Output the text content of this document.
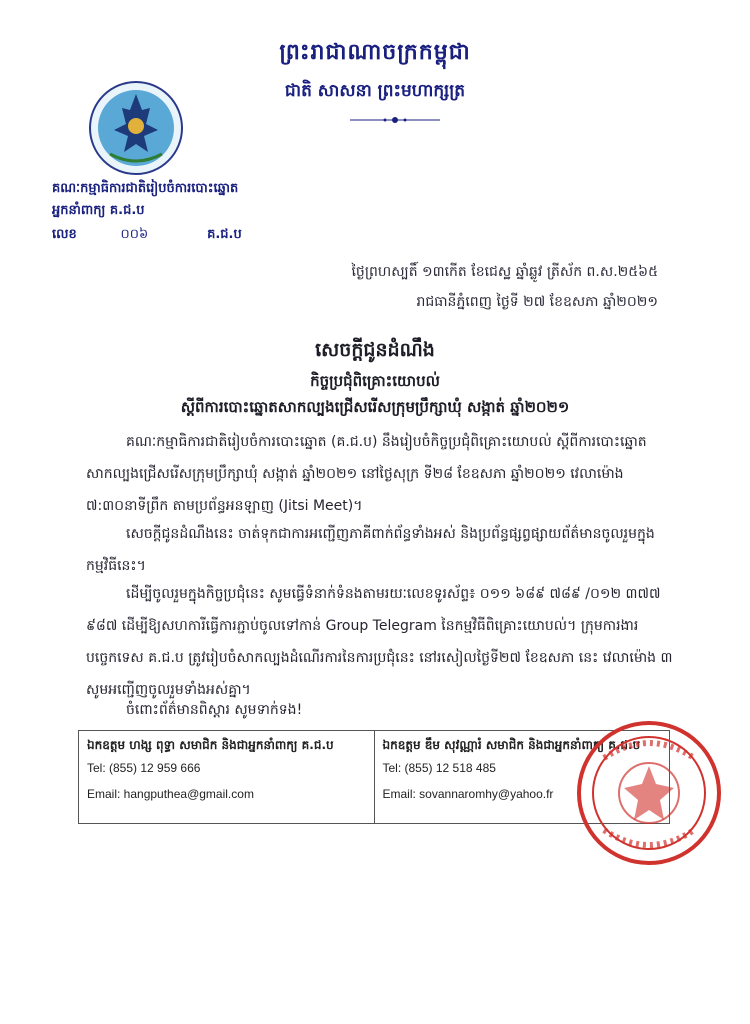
ព្រះរាជាណាចក្រកម្ពុជា
ជាតិ សាសនា ព្រះមហាក្សត្រ
គណៈកម្មាធិការជាតិរៀបចំការបោះឆ្នោត
អ្នកនាំពាក្យ គ.ជ.ប
លេខ	០០៦	គ.ជ.ប
ថ្ងៃព្រហស្បតិ៍ ១៣កើត ខែជេស្ឋ ឆ្នាំឆ្លូវ ត្រីស័ក ព.ស.២៥៦៥
រាជធានីភ្នំពេញ ថ្ងៃទី ២៧ ខែឧសភា ឆ្នាំ២០២១
សេចក្តីជូនដំណឹង
កិច្ចប្រជុំពិគ្រោះយោបល់
ស្តីពីការបោះឆ្នោតសាកល្បងជ្រើសរើសក្រុមប្រឹក្សាឃុំ សង្កាត់ ឆ្នាំ២០២១

គណៈកម្មាធិការជាតិរៀបចំការបោះឆ្នោត (គ.ជ.ប) នឹងរៀបចំកិច្ចប្រជុំពិគ្រោះយោបល់ ស្តីពីការបោះឆ្នោតសាកល្បងជ្រើសរើសក្រុមប្រឹក្សាឃុំ សង្កាត់ ឆ្នាំ២០២១ នៅថ្ងៃសុក្រ ទី២៨ ខែឧសភា ឆ្នាំ២០២១ វេលាម៉ោង ៧:៣០នាទីព្រឹក តាមប្រព័ន្ធអនឡាញ (Jitsi Meet)។

សេចក្តីជូនដំណឹងនេះ ចាត់ទុកជាការអញ្ជើញភាគីពាក់ព័ន្ធទាំងអស់ និងប្រព័ន្ធផ្សព្វផ្សាយព័ត៌មានចូលរួមក្នុងកម្មវិធីនេះ។

ដើម្បីចូលរួមក្នុងកិច្ចប្រជុំនេះ សូមធ្វើទំនាក់ទំនងតាមរយៈលេខទូរស័ព្ទ៖ ០១១ ៦៨៩ ៧៨៩ /០១២ ៣៧៧ ៩៨៧ ដើម្បីឱ្យសហការីធ្វើការភ្ជាប់ចូលទៅកាន់ Group Telegram នៃកម្មវិធីពិគ្រោះយោបល់។ ក្រុមការងារបច្ចេកទេស គ.ជ.ប ត្រូវរៀបចំសាកល្បងដំណើរការនៃការប្រជុំនេះ នៅរសៀលថ្ងៃទី២៧ ខែឧសភា នេះ វេលាម៉ោង ៣ សូមអញ្ជើញចូលរួមទាំងអស់គ្នា។

ចំពោះព័ត៌មានពិស្តារ សូមទាក់ទង!

ឯកឧត្តម ហង្ស ពុទ្ធា សមាជិក និងជាអ្នកនាំពាក្យ គ.ជ.ប
Tel: (855) 12 959 666
Email: hangputhea@gmail.com
ឯកឧត្តម ឌឹម សុវណ្ណារំ សមាជិក និងជាអ្នកនាំពាក្យ គ.ជ.ប
Tel: (855) 12 518 485
Email: sovannaromhy@yahoo.fr
